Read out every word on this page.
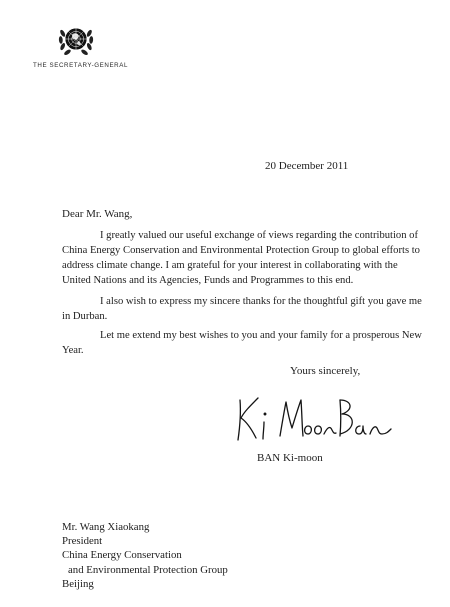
THE SECRETARY-GENERAL
20 December 2011
Dear Mr. Wang,

I greatly valued our useful exchange of views regarding the contribution of China Energy Conservation and Environmental Protection Group to global efforts to address climate change. I am grateful for your interest in collaborating with the United Nations and its Agencies, Funds and Programmes to this end.

I also wish to express my sincere thanks for the thoughtful gift you gave me in Durban.

Let me extend my best wishes to you and your family for a prosperous New Year.

Yours sincerely,
BAN Ki-moon
Mr. Wang Xiaokang
President
China Energy Conservation
and Environmental Protection Group
Beijing
